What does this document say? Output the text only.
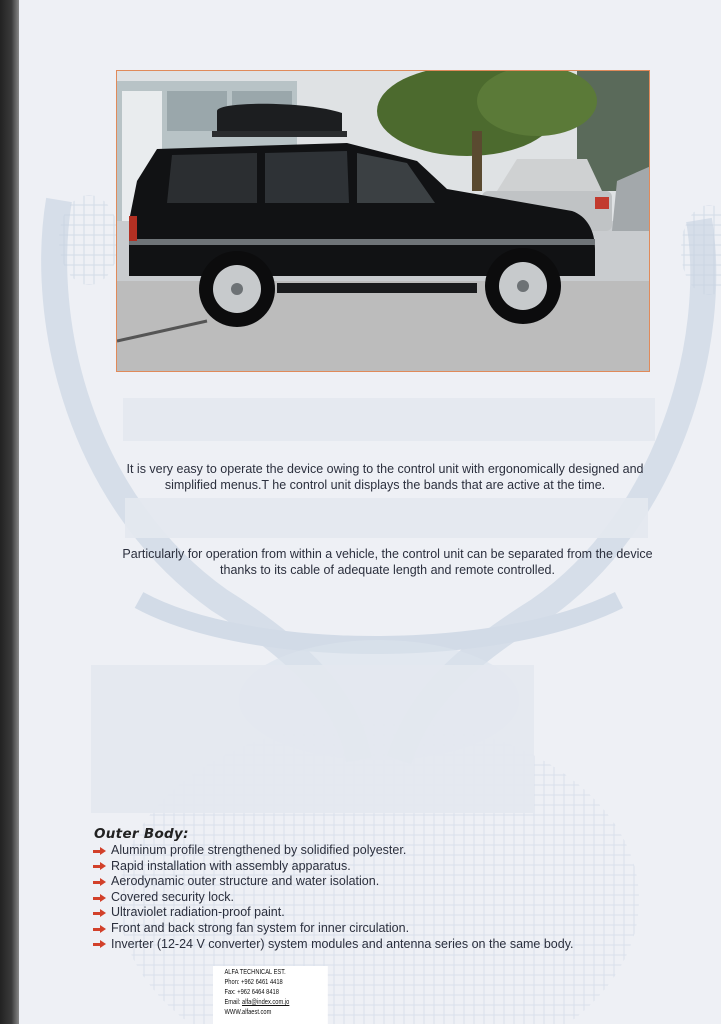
It is very easy to operate the device owing to the control unit with ergonomically designed and simplified menus.T he control unit displays the bands that are active at the time.
Particularly for operation from within a vehicle, the control unit can be separated from the device thanks to its cable of adequate length and remote controlled.
Outer Body:
Aluminum profile strengthened by solidified polyester.
Rapid installation with assembly apparatus.
Aerodynamic outer structure and water isolation.
Covered security lock.
Ultraviolet radiation-proof paint.
Front and back strong fan system for inner circulation.
Inverter (12-24 V converter) system modules and antenna series on the same body.
ALFA TECHNICAL EST.
Phon: +962 6461 4418
Fax: +962 6464 8418
Email: alfa@index.com.jo
WWW.alfaest.com
